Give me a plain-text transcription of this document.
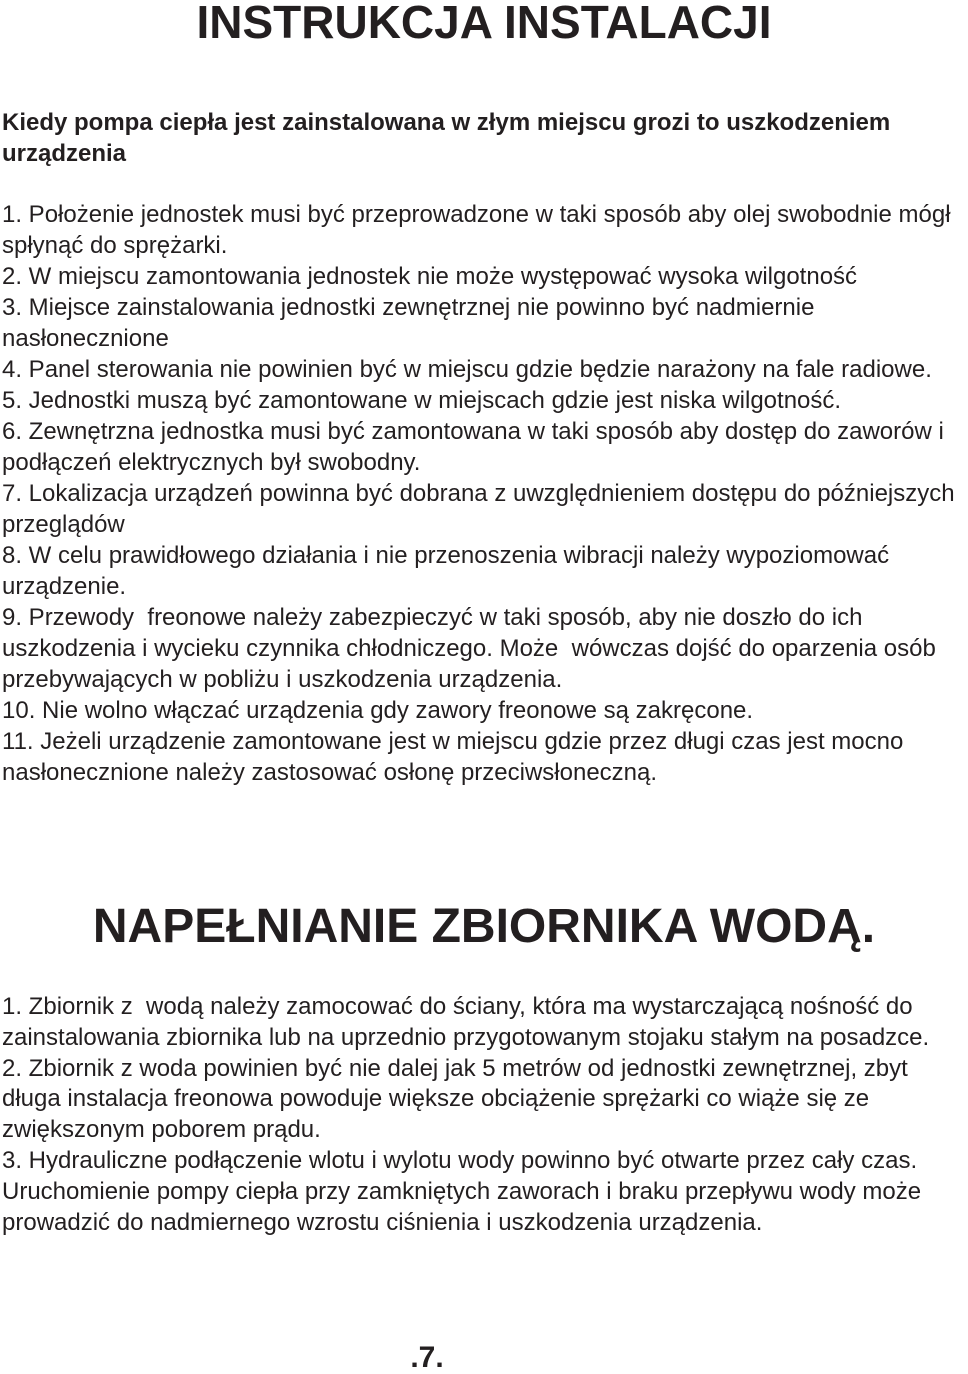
INSTRUKCJA INSTALACJI
Kiedy pompa ciepła jest zainstalowana w złym miejscu grozi to uszkodzeniem urządzenia

1. Położenie jednostek musi być przeprowadzone w taki sposób aby olej swobodnie mógł spłynąć do sprężarki.

2. W miejscu zamontowania jednostek nie może występować wysoka wilgotność

3. Miejsce zainstalowania jednostki zewnętrznej nie powinno być nadmiernie nasłonecznione

4. Panel sterowania nie powinien być w miejscu gdzie będzie narażony na fale radiowe.

5. Jednostki muszą być zamontowane w miejscach gdzie jest niska wilgotność.

6. Zewnętrzna jednostka musi być zamontowana w taki sposób aby dostęp do zaworów i podłączeń elektrycznych był swobodny.

7. Lokalizacja urządzeń powinna być dobrana z uwzględnieniem dostępu do późniejszych przeglądów

8. W celu prawidłowego działania i nie przenoszenia wibracji należy wypoziomować urządzenie.

9. Przewody  freonowe należy zabezpieczyć w taki sposób, aby nie doszło do ich uszkodzenia i wycieku czynnika chłodniczego. Może  wówczas dojść do oparzenia osób przebywających w pobliżu i uszkodzenia urządzenia.

10. Nie wolno włączać urządzenia gdy zawory freonowe są zakręcone.

11. Jeżeli urządzenie zamontowane jest w miejscu gdzie przez długi czas jest mocno nasłonecznione należy zastosować osłonę przeciwsłoneczną.

NAPEŁNIANIE ZBIORNIKA WODĄ.

1. Zbiornik z  wodą należy zamocować do ściany, która ma wystarczającą nośność do zainstalowania zbiornika lub na uprzednio przygotowanym stojaku stałym na posadzce.

2. Zbiornik z woda powinien być nie dalej jak 5 metrów od jednostki zewnętrznej, zbyt długa instalacja freonowa powoduje większe obciążenie sprężarki co wiąże się ze zwiększonym poborem prądu.

3. Hydrauliczne podłączenie wlotu i wylotu wody powinno być otwarte przez cały czas. Uruchomienie pompy ciepła przy zamkniętych zaworach i braku przepływu wody może prowadzić do nadmiernego wzrostu ciśnienia i uszkodzenia urządzenia.

.7.
